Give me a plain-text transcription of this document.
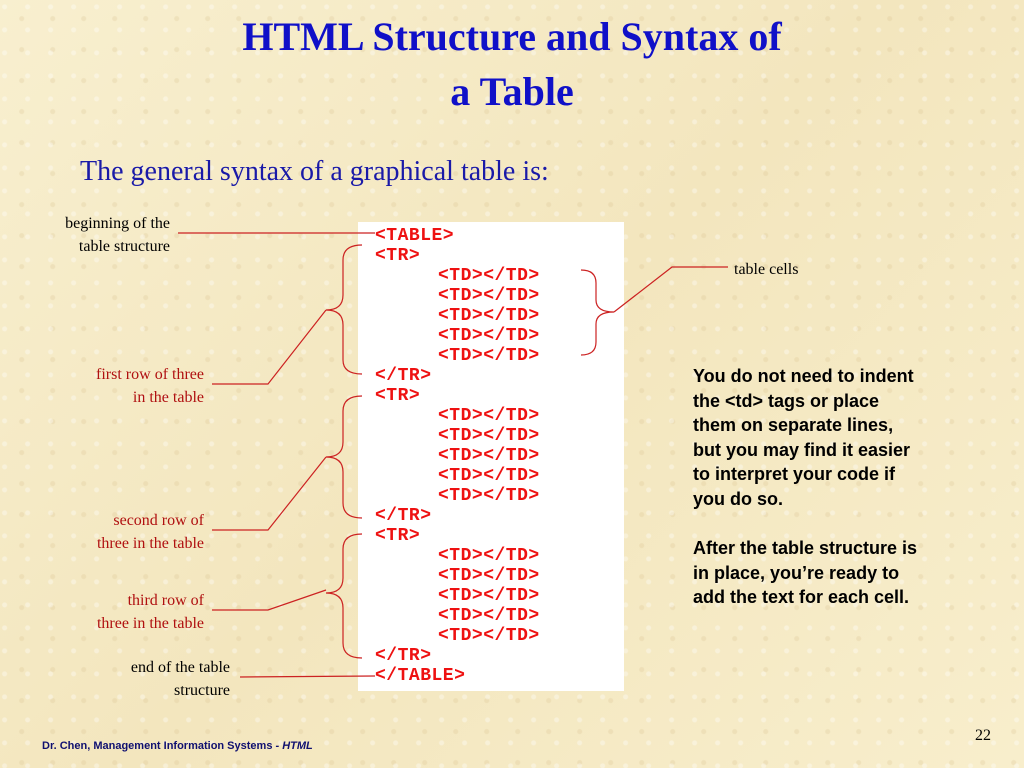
HTML Structure and Syntax of
a Table
The general syntax of a graphical table is:
<TABLE>
<TR>
<TD></TD>
<TD></TD>
<TD></TD>
<TD></TD>
<TD></TD>
</TR>
<TR>
<TD></TD>
<TD></TD>
<TD></TD>
<TD></TD>
<TD></TD>
</TR>
<TR>
<TD></TD>
<TD></TD>
<TD></TD>
<TD></TD>
<TD></TD>
</TR>
</TABLE>
beginning of the
table structure
table cells
first row of three
in the table
second row of
three in the table
third row of
three in the table
end of the table
structure
You do not need to indent
the <td> tags or place
them on separate lines,
but you may find it easier
to interpret your code if
you do so.
After the table structure is
in place, you’re ready to
add the text for each cell.
Dr. Chen, Management Information Systems - HTML
22
